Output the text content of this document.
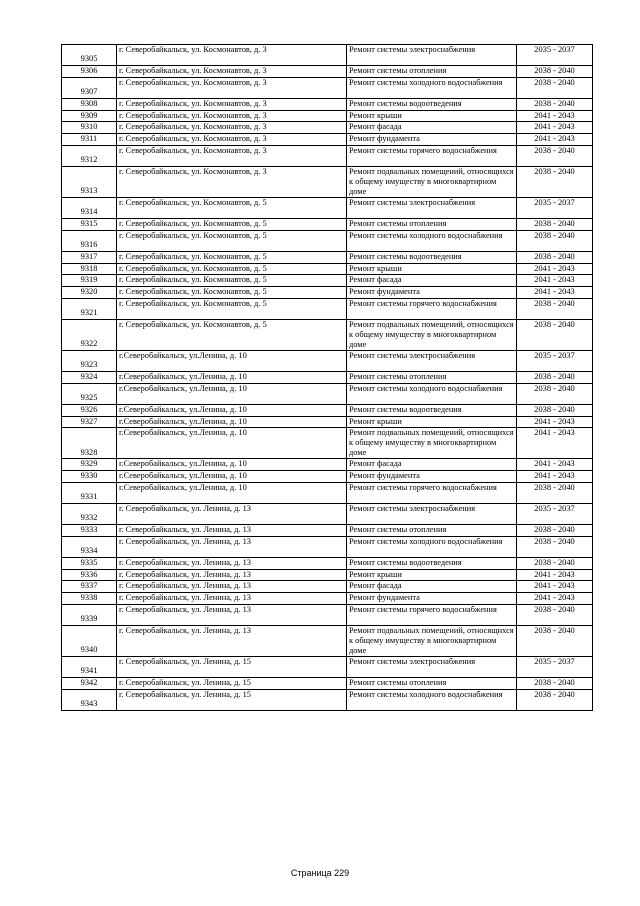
9305	г. Северобайкальск, ул. Космонавтов, д. 3	Ремонт системы электроснабжения	2035 - 2037
9306	г. Северобайкальск, ул. Космонавтов, д. 3	Ремонт системы отопления	2038 - 2040
9307	г. Северобайкальск, ул. Космонавтов, д. 3	Ремонт системы холодного водоснабжения	2038 - 2040
9308	г. Северобайкальск, ул. Космонавтов, д. 3	Ремонт системы водоотведения	2038 - 2040
9309	г. Северобайкальск, ул. Космонавтов, д. 3	Ремонт крыши	2041 - 2043
9310	г. Северобайкальск, ул. Космонавтов, д. 3	Ремонт фасада	2041 - 2043
9311	г. Северобайкальск, ул. Космонавтов, д. 3	Ремонт фундамента	2041 - 2043
9312	г. Северобайкальск, ул. Космонавтов, д. 3	Ремонт системы горячего водоснабжения	2038 - 2040
9313	г. Северобайкальск, ул. Космонавтов, д. 3	Ремонт подвальных помещений, относящихся к общему имуществу в многоквартирном доме	2038 - 2040
9314	г. Северобайкальск, ул. Космонавтов, д. 5	Ремонт системы электроснабжения	2035 - 2037
9315	г. Северобайкальск, ул. Космонавтов, д. 5	Ремонт системы отопления	2038 - 2040
9316	г. Северобайкальск, ул. Космонавтов, д. 5	Ремонт системы холодного водоснабжения	2038 - 2040
9317	г. Северобайкальск, ул. Космонавтов, д. 5	Ремонт системы водоотведения	2038 - 2040
9318	г. Северобайкальск, ул. Космонавтов, д. 5	Ремонт крыши	2041 - 2043
9319	г. Северобайкальск, ул. Космонавтов, д. 5	Ремонт фасада	2041 - 2043
9320	г. Северобайкальск, ул. Космонавтов, д. 5	Ремонт фундамента	2041 - 2043
9321	г. Северобайкальск, ул. Космонавтов, д. 5	Ремонт системы горячего водоснабжения	2038 - 2040
9322	г. Северобайкальск, ул. Космонавтов, д. 5	Ремонт подвальных помещений, относящихся к общему имуществу в многоквартирном доме	2038 - 2040
9323	г.Северобайкальск, ул.Ленина, д. 10	Ремонт системы электроснабжения	2035 - 2037
9324	г.Северобайкальск, ул.Ленина, д. 10	Ремонт системы отопления	2038 - 2040
9325	г.Северобайкальск, ул.Ленина, д. 10	Ремонт системы холодного водоснабжения	2038 - 2040
9326	г.Северобайкальск, ул.Ленина, д. 10	Ремонт системы водоотведения	2038 - 2040
9327	г.Северобайкальск, ул.Ленина, д. 10	Ремонт крыши	2041 - 2043
9328	г.Северобайкальск, ул.Ленина, д. 10	Ремонт подвальных помещений, относящихся к общему имуществу в многоквартирном доме	2041 - 2043
9329	г.Северобайкальск, ул.Ленина, д. 10	Ремонт фасада	2041 - 2043
9330	г.Северобайкальск, ул.Ленина, д. 10	Ремонт фундамента	2041 - 2043
9331	г.Северобайкальск, ул.Ленина, д. 10	Ремонт системы горячего водоснабжения	2038 - 2040
9332	г. Северобайкальск, ул. Ленина, д. 13	Ремонт системы электроснабжения	2035 - 2037
9333	г. Северобайкальск, ул. Ленина, д. 13	Ремонт системы отопления	2038 - 2040
9334	г. Северобайкальск, ул. Ленина, д. 13	Ремонт системы холодного водоснабжения	2038 - 2040
9335	г. Северобайкальск, ул. Ленина, д. 13	Ремонт системы водоотведения	2038 - 2040
9336	г. Северобайкальск, ул. Ленина, д. 13	Ремонт крыши	2041 - 2043
9337	г. Северобайкальск, ул. Ленина, д. 13	Ремонт фасада	2041 - 2043
9338	г. Северобайкальск, ул. Ленина, д. 13	Ремонт фундамента	2041 - 2043
9339	г. Северобайкальск, ул. Ленина, д. 13	Ремонт системы горячего водоснабжения	2038 - 2040
9340	г. Северобайкальск, ул. Ленина, д. 13	Ремонт подвальных помещений, относящихся к общему имуществу в многоквартирном доме	2038 - 2040
9341	г. Северобайкальск, ул. Ленина, д. 15	Ремонт системы электроснабжения	2035 - 2037
9342	г. Северобайкальск, ул. Ленина, д. 15	Ремонт системы отопления	2038 - 2040
9343	г. Северобайкальск, ул. Ленина, д. 15	Ремонт системы холодного водоснабжения	2038 - 2040
Страница 229
